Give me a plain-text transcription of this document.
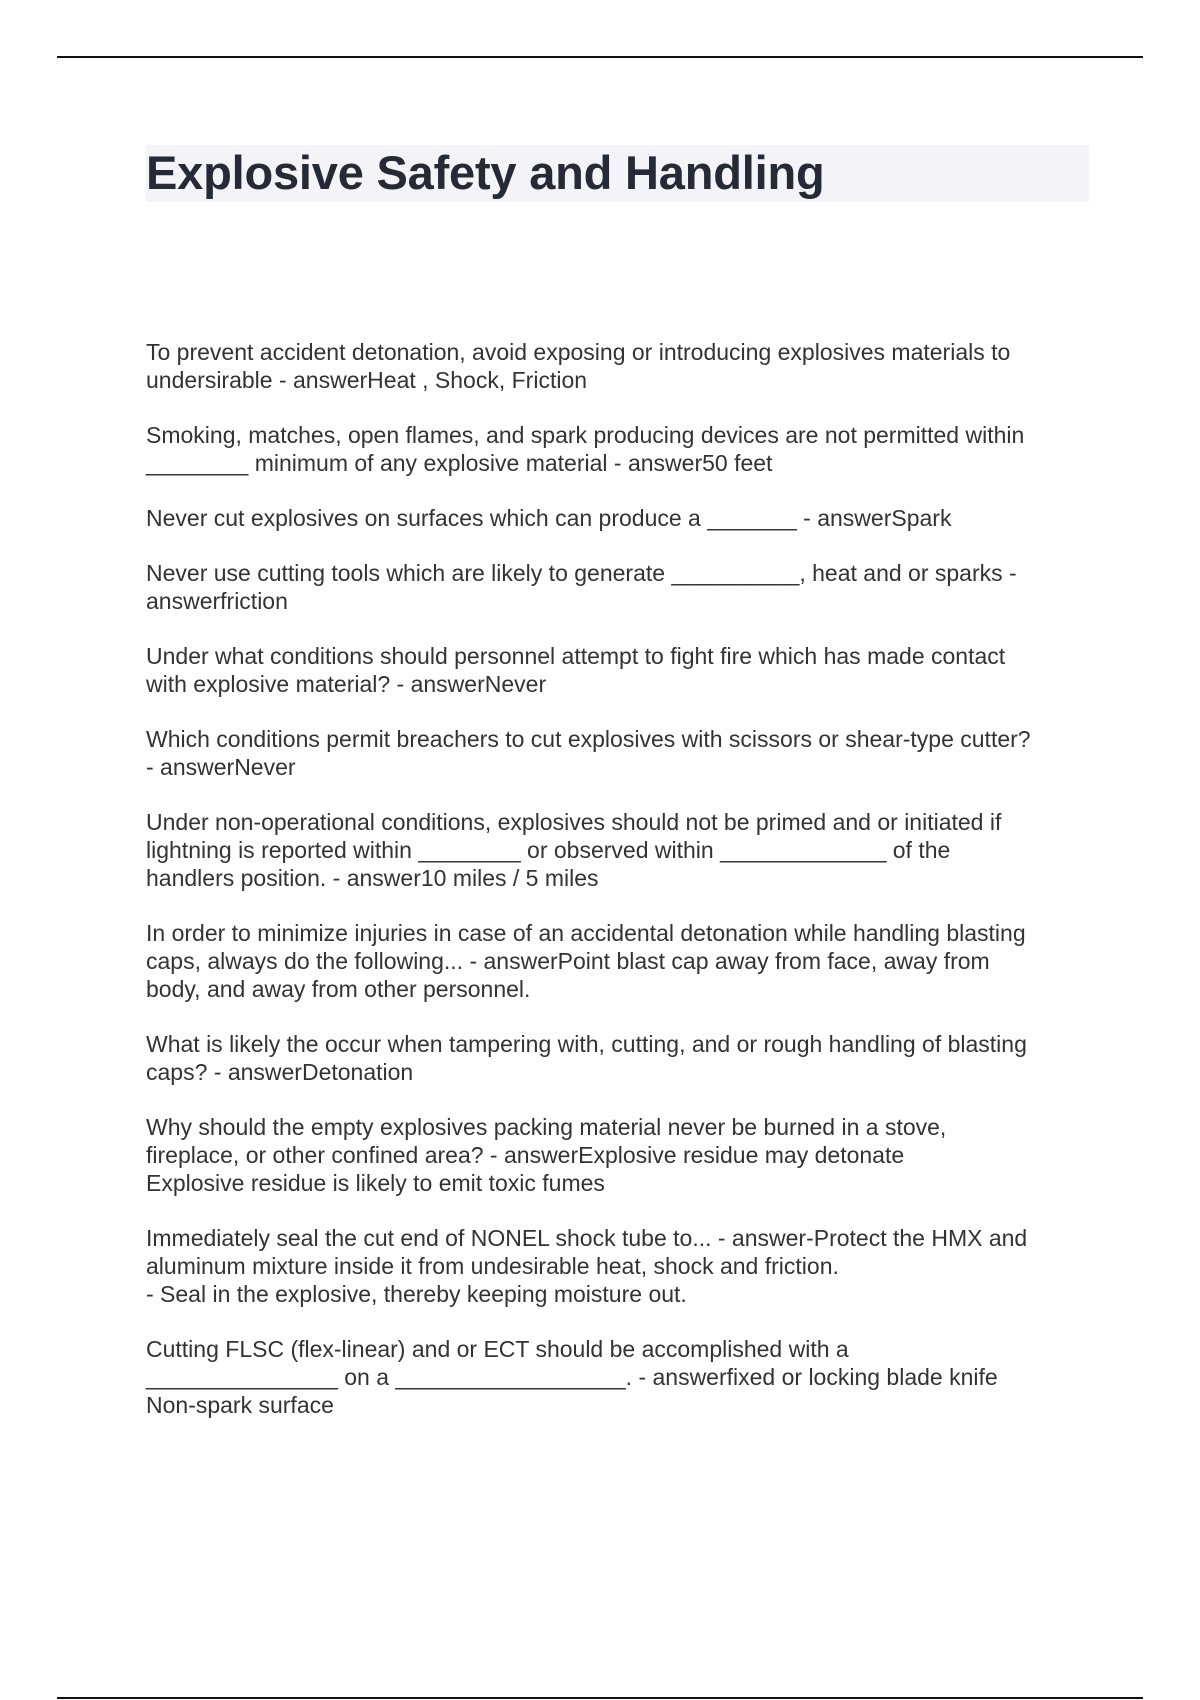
Explosive Safety and Handling
To prevent accident detonation, avoid exposing or introducing explosives materials to
undersirable - answerHeat , Shock, Friction
Smoking, matches, open flames, and spark producing devices are not permitted within
________ minimum of any explosive material - answer50 feet
Never cut explosives on surfaces which can produce a _______ - answerSpark
Never use cutting tools which are likely to generate __________, heat and or sparks -
answerfriction
Under what conditions should personnel attempt to fight fire which has made contact
with explosive material? - answerNever
Which conditions permit breachers to cut explosives with scissors or shear-type cutter?
- answerNever
Under non-operational conditions, explosives should not be primed and or initiated if
lightning is reported within ________ or observed within _____________ of the
handlers position. - answer10 miles / 5 miles
In order to minimize injuries in case of an accidental detonation while handling blasting
caps, always do the following... - answerPoint blast cap away from face, away from
body, and away from other personnel.
What is likely the occur when tampering with, cutting, and or rough handling of blasting
caps? - answerDetonation
Why should the empty explosives packing material never be burned in a stove,
fireplace, or other confined area? - answerExplosive residue may detonate
Explosive residue is likely to emit toxic fumes
Immediately seal the cut end of NONEL shock tube to... - answer-Protect the HMX and
aluminum mixture inside it from undesirable heat, shock and friction.
- Seal in the explosive, thereby keeping moisture out.
Cutting FLSC (flex-linear) and or ECT should be accomplished with a
_______________ on a __________________. - answerfixed or locking blade knife
Non-spark surface
